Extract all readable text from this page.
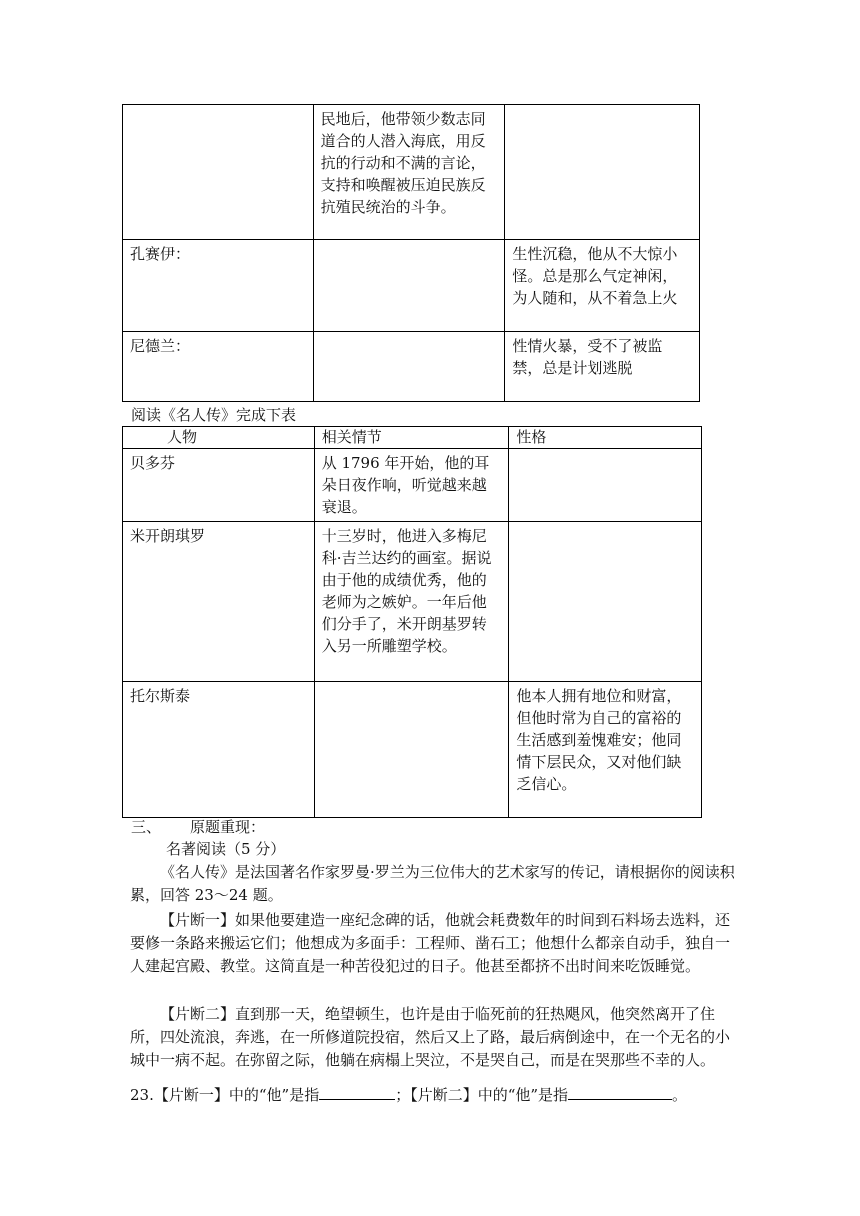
	民地后，他带领少数志同道合的人潜入海底，用反抗的行动和不满的言论，支持和唤醒被压迫民族反抗殖民统治的斗争。	
孔赛伊：		生性沉稳，他从不大惊小怪。总是那么气定神闲，为人随和，从不着急上火
尼德兰：		性情火暴，受不了被监禁，总是计划逃脱
阅读《名人传》完成下表
人物	相关情节	性格
贝多芬	从 1796 年开始，他的耳朵日夜作响，听觉越来越衰退。	
米开朗琪罗	十三岁时，他进入多梅尼科·吉兰达约的画室。据说由于他的成绩优秀，他的老师为之嫉妒。一年后他们分手了，米开朗基罗转入另一所雕塑学校。	
托尔斯泰		他本人拥有地位和财富，但他时常为自己的富裕的生活感到羞愧难安；他同情下层民众，又对他们缺乏信心。
三、 原题重现：
名著阅读（5 分）
《名人传》是法国著名作家罗曼·罗兰为三位伟大的艺术家写的传记，请根据你的阅读积累，回答 23～24 题。
【片断一】如果他要建造一座纪念碑的话，他就会耗费数年的时间到石料场去选料，还要修一条路来搬运它们；他想成为多面手：工程师、凿石工；他想什么都亲自动手，独自一人建起宫殿、教堂。这简直是一种苦役犯过的日子。他甚至都挤不出时间来吃饭睡觉。
【片断二】直到那一天，绝望顿生，也许是由于临死前的狂热飓风，他突然离开了住所，四处流浪，奔逃，在一所修道院投宿，然后又上了路，最后病倒途中，在一个无名的小城中一病不起。在弥留之际，他躺在病榻上哭泣，不是哭自己，而是在哭那些不幸的人。
23.【片断一】中的“他”是指	；【片断二】中的“他”是指	。
